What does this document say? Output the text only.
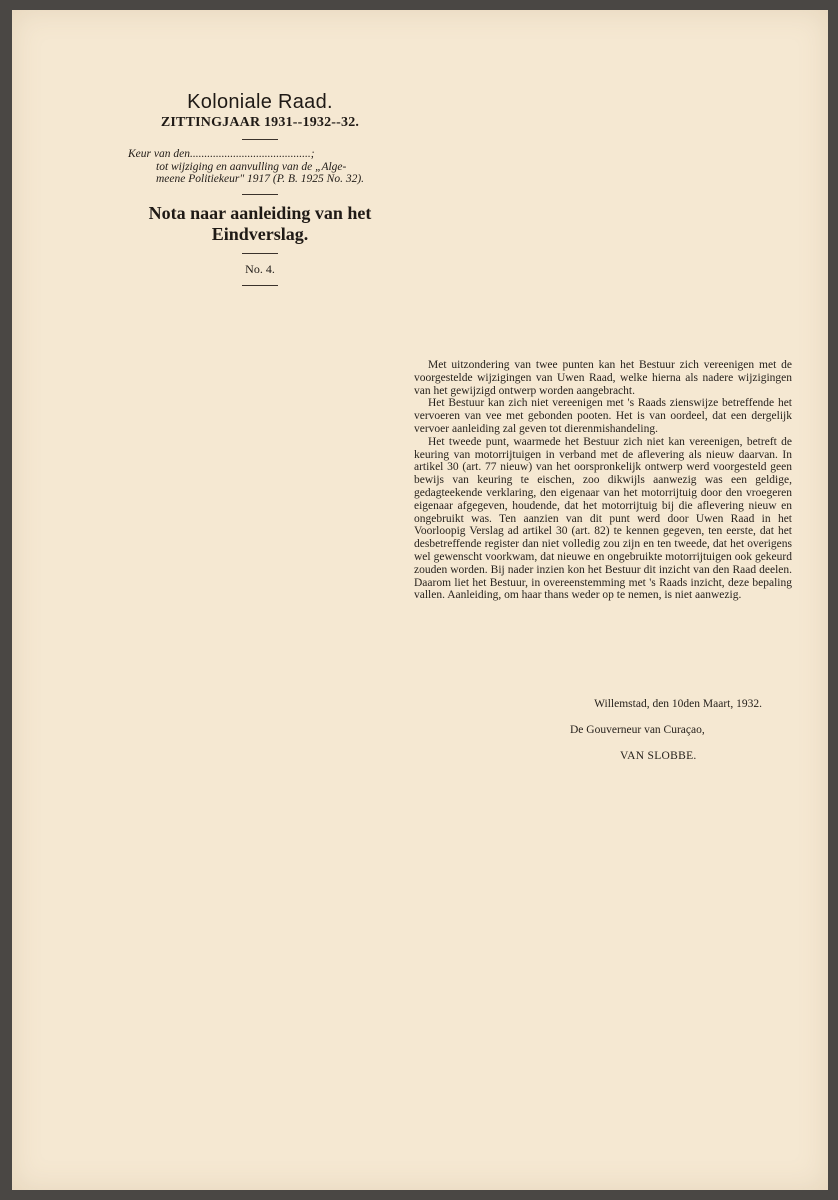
Koloniale Raad.
ZITTINGJAAR 1931--1932--32.

Keur van den..........................................;

tot wijziging en aanvulling van de „Alge-

meene Politiekeur" 1917 (P. B. 1925 No. 32).

Nota naar aanleiding van het
Eindverslag.
No. 4.

Met uitzondering van twee punten kan het Bestuur zich vereenigen met de voorgestelde wijzigingen van Uwen Raad, welke hierna als nadere wijzigingen van het gewijzigd ontwerp worden aangebracht.

Het Bestuur kan zich niet vereenigen met 's Raads zienswijze betreffende het vervoeren van vee met gebonden pooten. Het is van oordeel, dat een dergelijk vervoer aanleiding zal geven tot dierenmishandeling.

Het tweede punt, waarmede het Bestuur zich niet kan vereenigen, betreft de keuring van motorrijtuigen in verband met de aflevering als nieuw daarvan. In artikel 30 (art. 77 nieuw) van het oorspronkelijk ontwerp werd voorgesteld geen bewijs van keuring te eischen, zoo dikwijls aanwezig was een geldige, gedagteekende verklaring, den eigenaar van het motorrijtuig door den vroegeren eigenaar afgegeven, houdende, dat het motorrijtuig bij die aflevering nieuw en ongebruikt was. Ten aanzien van dit punt werd door Uwen Raad in het Voorloopig Verslag ad artikel 30 (art. 82) te kennen gegeven, ten eerste, dat het desbetreffende register dan niet volledig zou zijn en ten tweede, dat het overigens wel gewenscht voorkwam, dat nieuwe en ongebruikte motorrijtuigen ook gekeurd zouden worden. Bij nader inzien kon het Bestuur dit inzicht van den Raad deelen. Daarom liet het Bestuur, in overeenstemming met 's Raads inzicht, deze bepaling vallen. Aanleiding, om haar thans weder op te nemen, is niet aanwezig.

Willemstad, den 10den Maart, 1932.
De Gouverneur van Curaçao,
VAN SLOBBE.
